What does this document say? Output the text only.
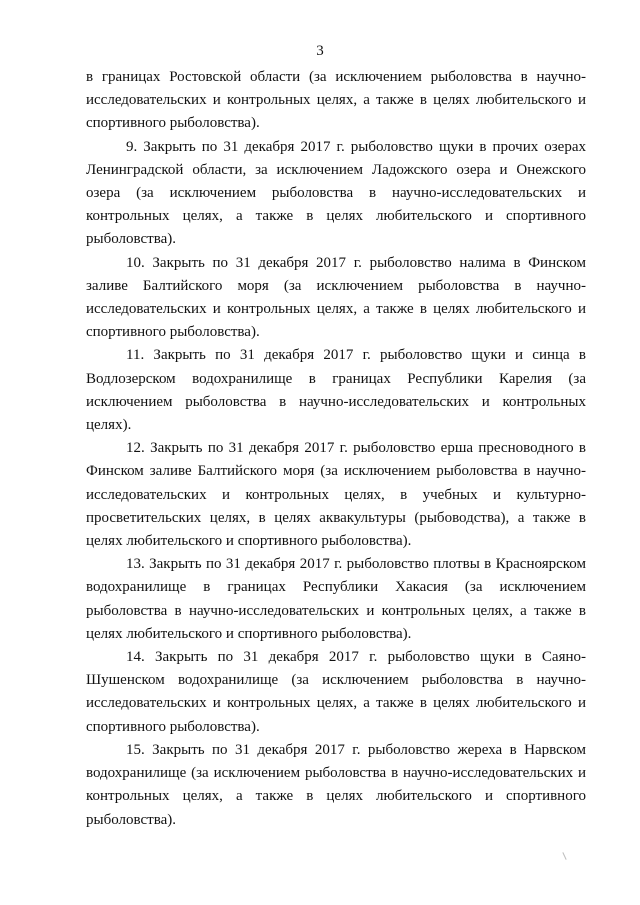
3

в границах Ростовской области (за исключением рыболовства в научно-исследовательских и контрольных целях, а также в целях любительского и спортивного рыболовства).

9. Закрыть по 31 декабря 2017 г. рыболовство щуки в прочих озерах Ленинградской области, за исключением Ладожского озера и Онежского озера (за исключением рыболовства в научно-исследовательских и контрольных целях, а также в целях любительского и спортивного рыболовства).

10. Закрыть по 31 декабря 2017 г. рыболовство налима в Финском заливе Балтийского моря (за исключением рыболовства в научно-исследовательских и контрольных целях, а также в целях любительского и спортивного рыболовства).

11. Закрыть по 31 декабря 2017 г. рыболовство щуки и синца в Водлозерском водохранилище в границах Республики Карелия (за исключением рыболовства в научно-исследовательских и контрольных целях).

12. Закрыть по 31 декабря 2017 г. рыболовство ерша пресноводного в Финском заливе Балтийского моря (за исключением рыболовства в научно-исследовательских и контрольных целях, в учебных и культурно-просветительских целях, в целях аквакультуры (рыбоводства), а также в целях любительского и спортивного рыболовства).

13. Закрыть по 31 декабря 2017 г. рыболовство плотвы в Красноярском водохранилище в границах Республики Хакасия (за исключением рыболовства в научно-исследовательских и контрольных целях, а также в целях любительского и спортивного рыболовства).

14. Закрыть по 31 декабря 2017 г. рыболовство щуки в Саяно-Шушенском водохранилище (за исключением рыболовства в научно-исследовательских и контрольных целях, а также в целях любительского и спортивного рыболовства).

15. Закрыть по 31 декабря 2017 г. рыболовство жереха в Нарвском водохранилище (за исключением рыболовства в научно-исследовательских и контрольных целях, а также в целях любительского и спортивного рыболовства).
